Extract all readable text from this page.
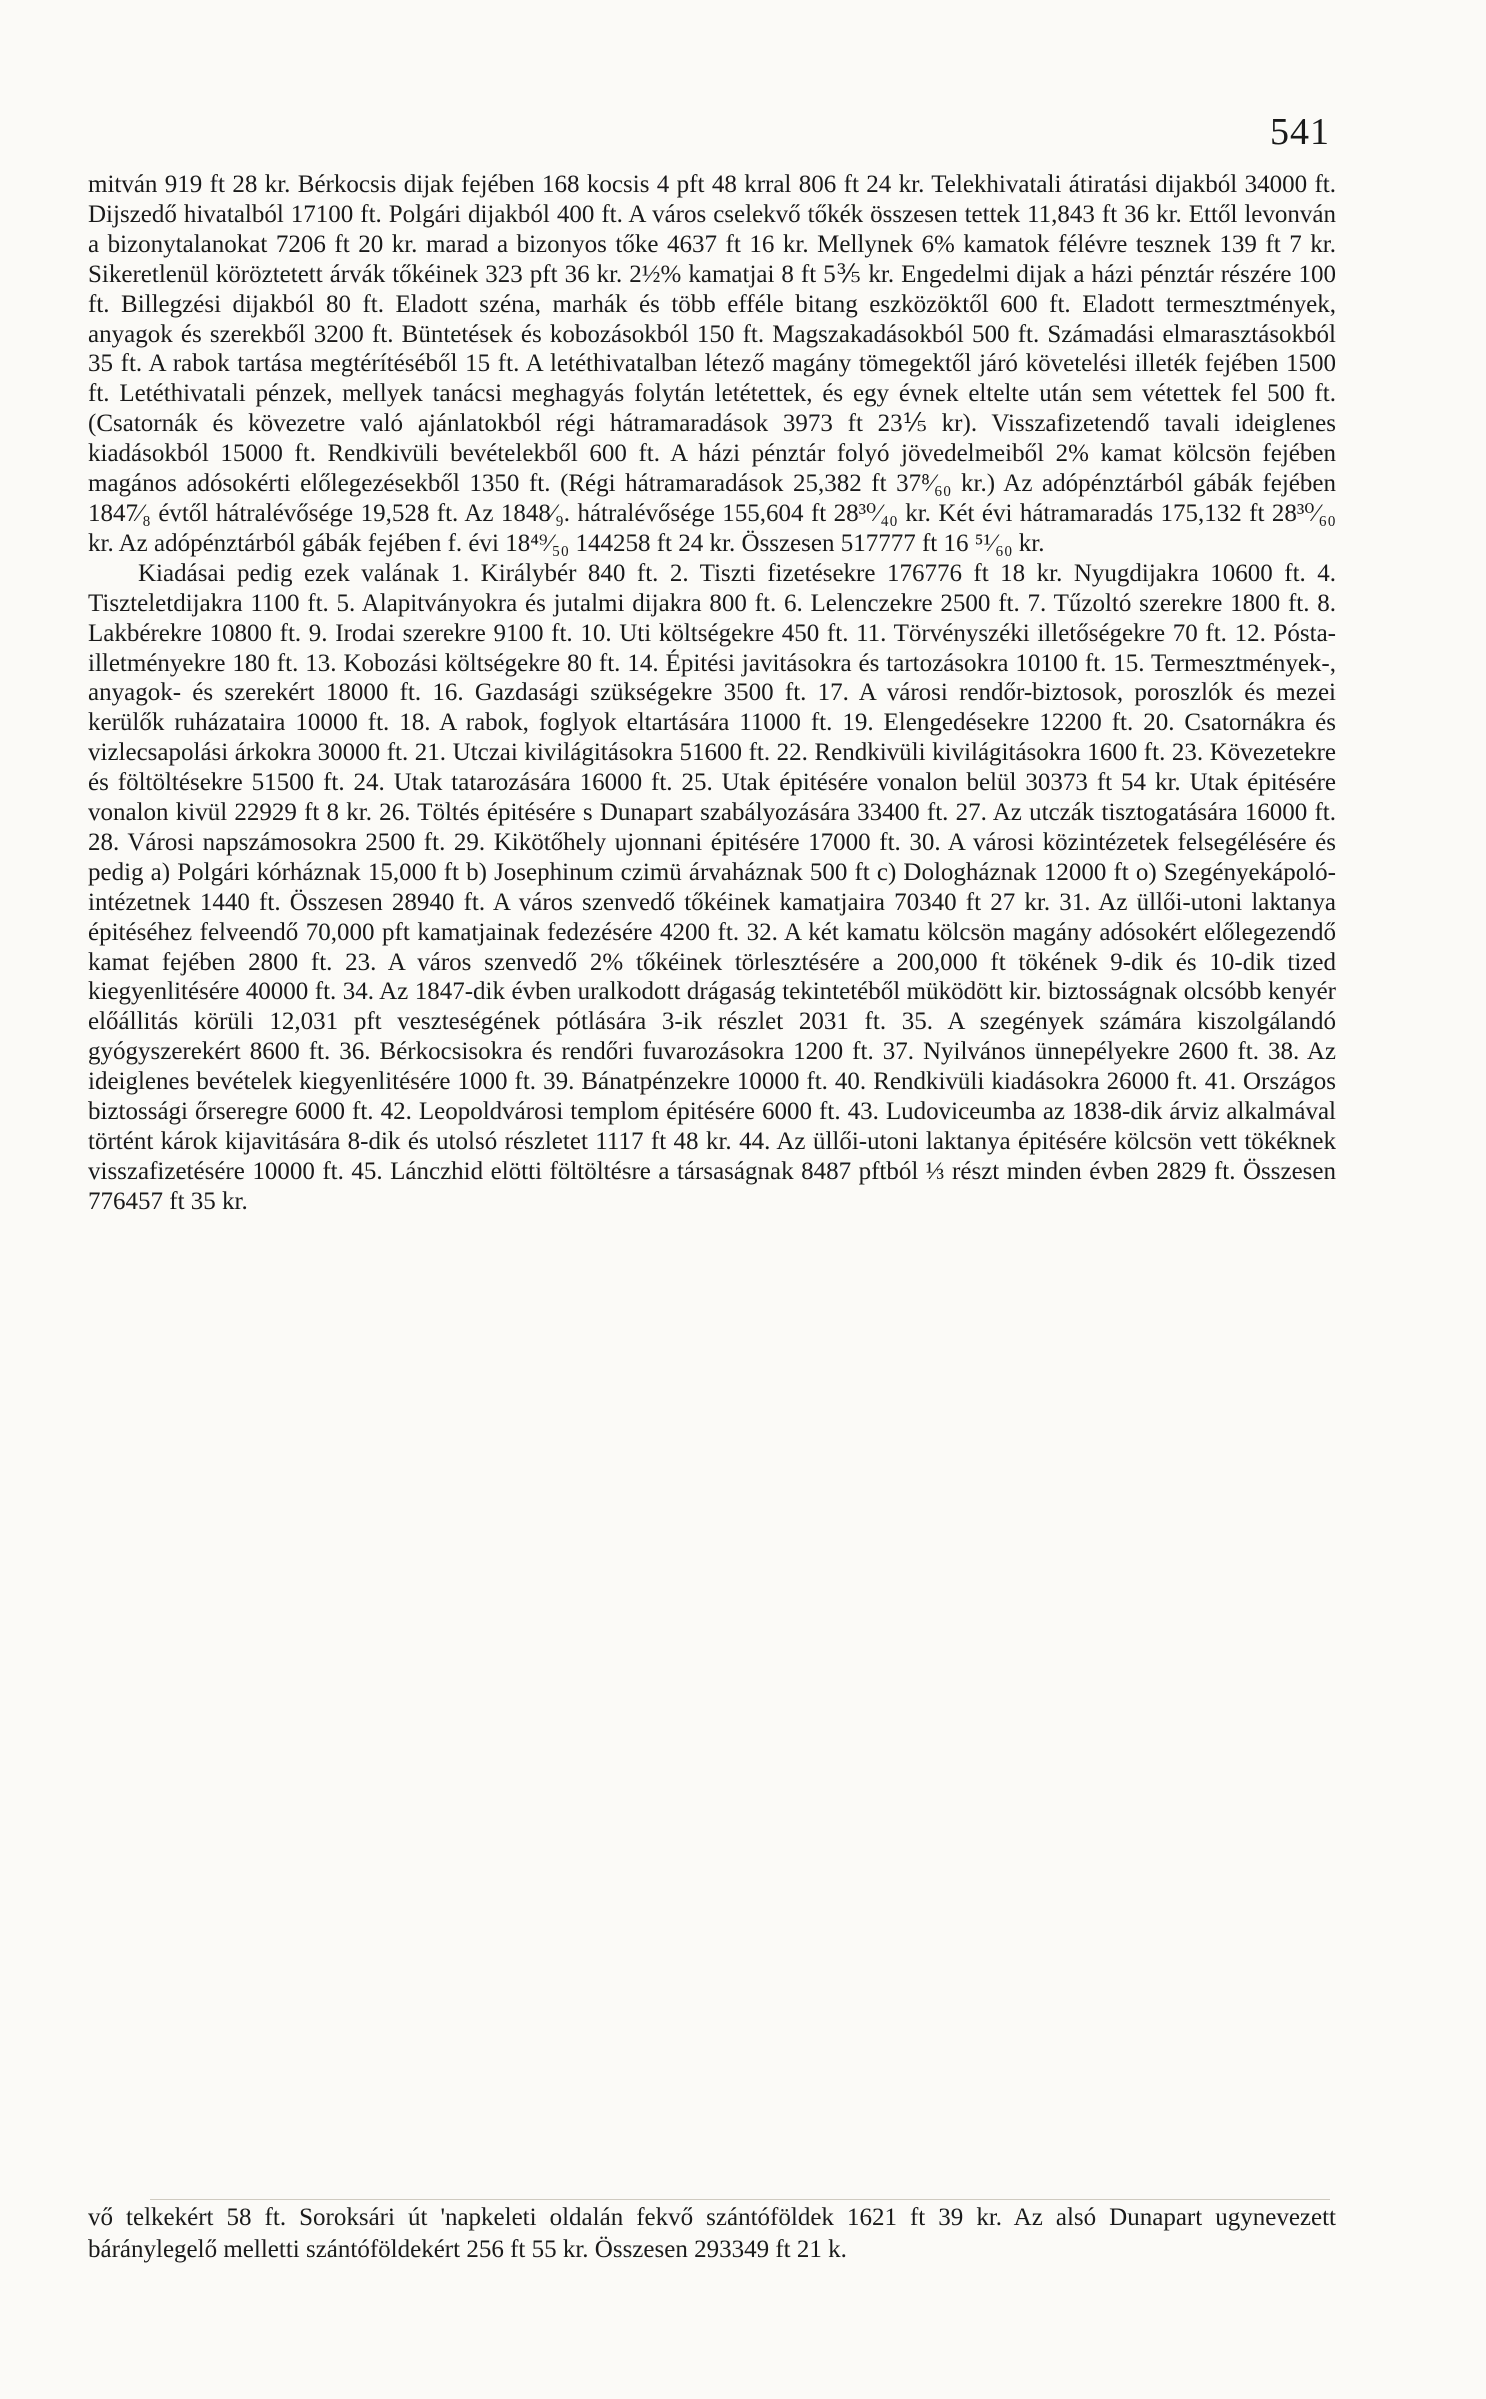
541

mitván 919 ft 28 kr. Bérkocsis dijak fejében 168 kocsis 4 pft 48 krral 806 ft 24 kr. Telekhivatali átiratási dijakból 34000 ft. Dijszedő hivatalból 17100 ft. Polgári dijakból 400 ft. A város cselekvő tőkék összesen tettek 11,843 ft 36 kr. Ettől levonván a bizonytalanokat 7206 ft 20 kr. marad a bizonyos tőke 4637 ft 16 kr. Mellynek 6% kamatok félévre tesznek 139 ft 7 kr. Sikeretlenül köröztetett árvák tőkéinek 323 pft 36 kr. 2½% kamatjai 8 ft 5⅗ kr. Engedelmi dijak a házi pénztár részére 100 ft. Billegzési dijakból 80 ft. Eladott széna, marhák és több efféle bitang eszközöktől 600 ft. Eladott termesztmények, anyagok és szerekből 3200 ft. Büntetések és kobozásokból 150 ft. Magszakadásokból 500 ft. Számadási elmarasztásokból 35 ft. A rabok tartása megtérítéséből 15 ft. A letéthivatalban létező magány tömegektől járó követelési illeték fejében 1500 ft. Letéthivatali pénzek, mellyek tanácsi meghagyás folytán letétettek, és egy évnek eltelte után sem vétettek fel 500 ft. (Csatornák és kövezetre való ajánlatokból régi hátramaradások 3973 ft 23⅕ kr). Visszafizetendő tavali ideiglenes kiadásokból 15000 ft. Rendkivüli bevételekből 600 ft. A házi pénztár folyó jövedelmeiből 2% kamat kölcsön fejében magános adósokérti előlegezésekből 1350 ft. (Régi hátramaradások 25,382 ft 37⁸⁄₆₀ kr.) Az adópénztárból gábák fejében 1847⁄₈ évtől hátralévősége 19,528 ft. Az 1848⁄₉. hátralévősége 155,604 ft 28³⁰⁄₄₀ kr. Két évi hátramaradás 175,132 ft 28³⁰⁄₆₀ kr. Az adópénztárból gábák fejében f. évi 18⁴⁹⁄₅₀ 144258 ft 24 kr. Összesen 517777 ft 16 ⁵¹⁄₆₀ kr.

Kiadásai pedig ezek valának 1. Királybér 840 ft. 2. Tiszti fizetésekre 176776 ft 18 kr. Nyugdijakra 10600 ft. 4. Tiszteletdijakra 1100 ft. 5. Alapitványokra és jutalmi dijakra 800 ft. 6. Lelenczekre 2500 ft. 7. Tűzoltó szerekre 1800 ft. 8. Lakbérekre 10800 ft. 9. Irodai szerekre 9100 ft. 10. Uti költségekre 450 ft. 11. Törvényszéki illetőségekre 70 ft. 12. Pósta-illetményekre 180 ft. 13. Kobozási költségekre 80 ft. 14. Épitési javitásokra és tartozásokra 10100 ft. 15. Termesztmények-, anyagok- és szerekért 18000 ft. 16. Gazdasági szükségekre 3500 ft. 17. A városi rendőr-biztosok, poroszlók és mezei kerülők ruházataira 10000 ft. 18. A rabok, foglyok eltartására 11000 ft. 19. Elengedésekre 12200 ft. 20. Csatornákra és vizlecsapolási árkokra 30000 ft. 21. Utczai kivilágitásokra 51600 ft. 22. Rendkivüli kivilágitásokra 1600 ft. 23. Kövezetekre és föltöltésekre 51500 ft. 24. Utak tatarozására 16000 ft. 25. Utak épitésére vonalon belül 30373 ft 54 kr. Utak épitésére vonalon kivül 22929 ft 8 kr. 26. Töltés épitésére s Dunapart szabályozására 33400 ft. 27. Az utczák tisztogatására 16000 ft. 28. Városi napszámosokra 2500 ft. 29. Kikötőhely ujonnani épitésére 17000 ft. 30. A városi közintézetek felsegélésére és pedig a) Polgári kórháznak 15,000 ft b) Josephinum czimü árvaháznak 500 ft c) Dologháznak 12000 ft o) Szegényekápoló-intézetnek 1440 ft. Összesen 28940 ft. A város szenvedő tőkéinek kamatjaira 70340 ft 27 kr. 31. Az üllői-utoni laktanya épitéséhez felveendő 70,000 pft kamatjainak fedezésére 4200 ft. 32. A két kamatu kölcsön magány adósokért előlegezendő kamat fejében 2800 ft. 23. A város szenvedő 2% tőkéinek törlesztésére a 200,000 ft tökének 9-dik és 10-dik tized kiegyenlitésére 40000 ft. 34. Az 1847-dik évben uralkodott drágaság tekintetéből müködött kir. biztosságnak olcsóbb kenyér előállitás körüli 12,031 pft veszteségének pótlására 3-ik részlet 2031 ft. 35. A szegények számára kiszolgálandó gyógyszerekért 8600 ft. 36. Bérkocsisokra és rendőri fuvarozásokra 1200 ft. 37. Nyilvános ünnepélyekre 2600 ft. 38. Az ideiglenes bevételek kiegyenlitésére 1000 ft. 39. Bánatpénzekre 10000 ft. 40. Rendkivüli kiadásokra 26000 ft. 41. Országos biztossági őrseregre 6000 ft. 42. Leopoldvárosi templom épitésére 6000 ft. 43. Ludoviceumba az 1838-dik árviz alkalmával történt károk kijavitására 8-dik és utolsó részletet 1117 ft 48 kr. 44. Az üllői-utoni laktanya épitésére kölcsön vett tökéknek visszafizetésére 10000 ft. 45. Lánczhid elötti föltöltésre a társaságnak 8487 pftból ⅓ részt minden évben 2829 ft. Összesen 776457 ft 35 kr.

vő telkekért 58 ft. Soroksári út 'napkeleti oldalán fekvő szántóföldek 1621 ft 39 kr. Az alsó Dunapart ugynevezett báránylegelő melletti szántóföldekért 256 ft 55 kr. Összesen 293349 ft 21 k.
